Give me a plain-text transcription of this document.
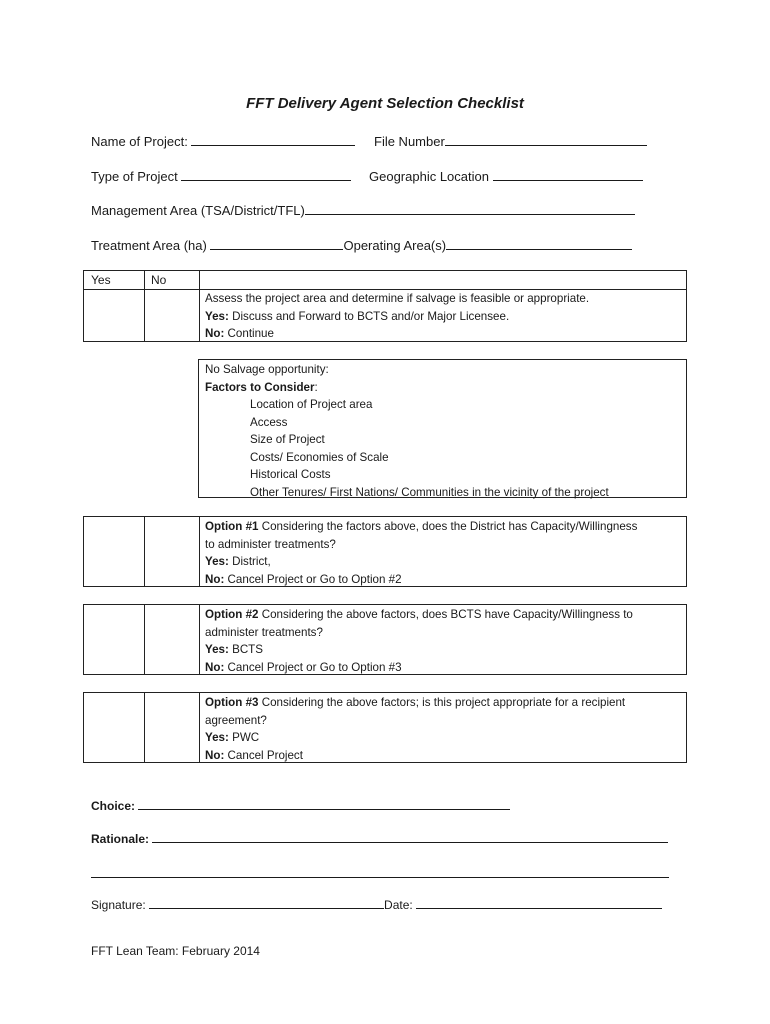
FFT Delivery Agent Selection Checklist
Name of Project:	File Number
Type of Project	Geographic Location
Management Area (TSA/District/TFL)
Treatment Area (ha)	Operating Area(s)
Yes	No
Assess the project area and determine if salvage is feasible or appropriate.
Yes: Discuss and Forward to BCTS and/or Major Licensee.
No: Continue
No Salvage opportunity:
Factors to Consider:
Location of Project area
Access
Size of Project
Costs/ Economies of Scale
Historical Costs
Other Tenures/ First Nations/ Communities in the vicinity of the project
Option #1 Considering the factors above, does the District has Capacity/Willingness
to administer treatments?
Yes: District,
No: Cancel Project or Go to Option #2
Option #2 Considering the above factors, does BCTS have Capacity/Willingness to
administer treatments?
Yes: BCTS
No: Cancel Project or Go to Option #3
Option #3 Considering the above factors; is this project appropriate for a recipient
agreement?
Yes: PWC
No: Cancel Project
Choice:
Rationale:
Signature:	Date:
FFT Lean Team: February 2014
